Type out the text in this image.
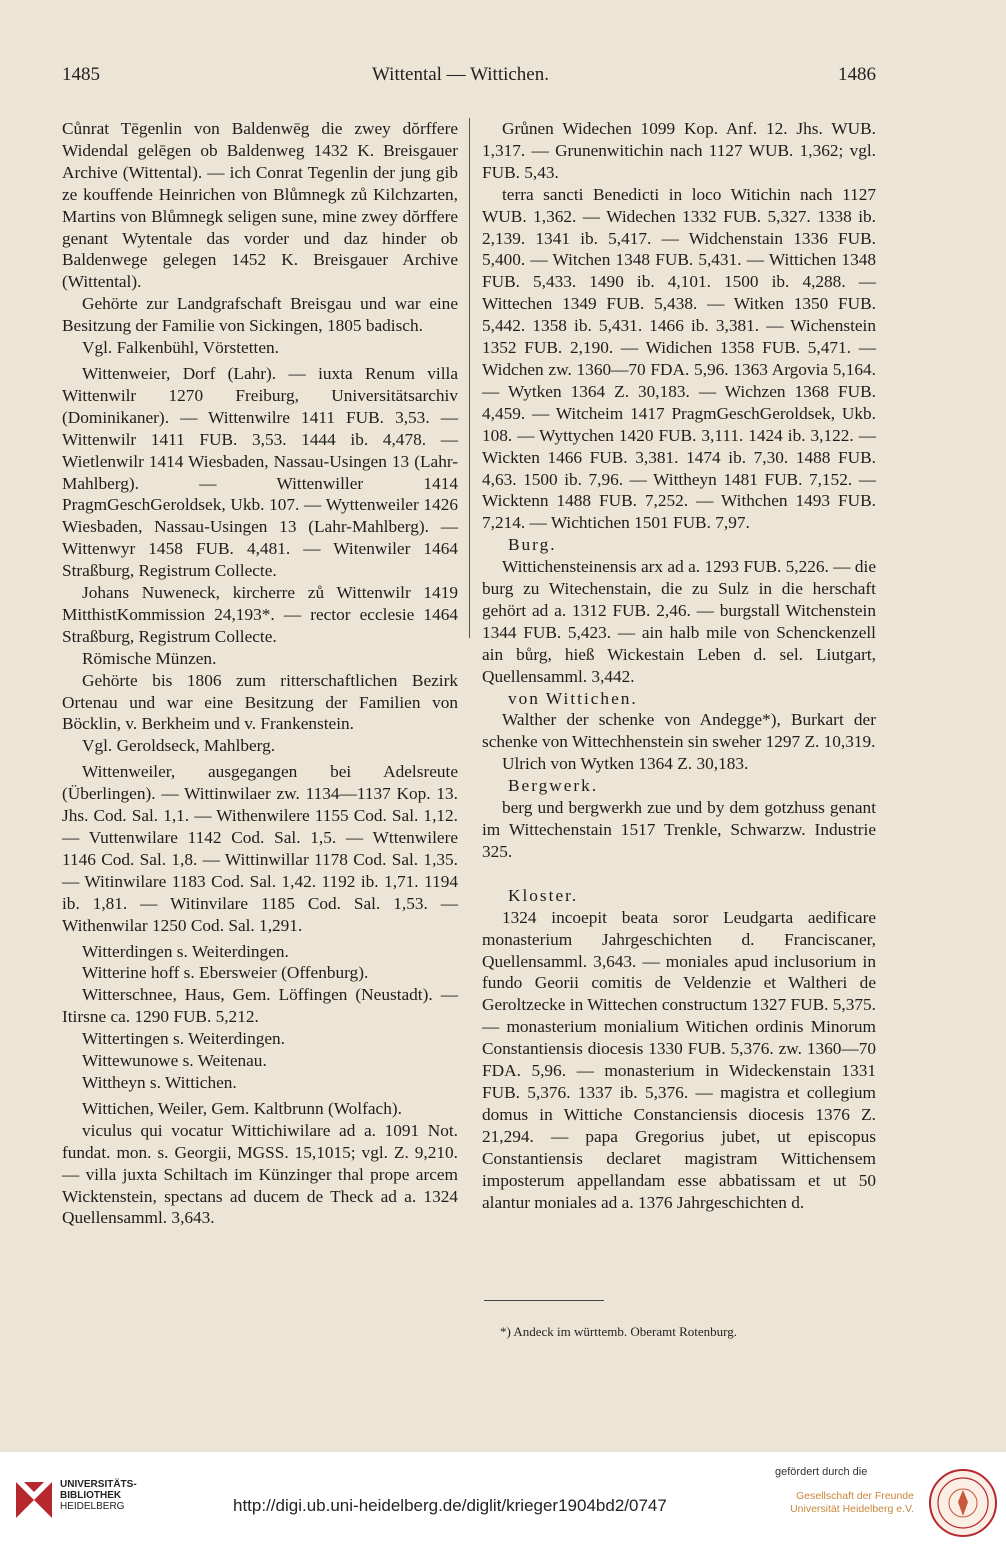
1485	Wittental — Wittichen.	1486

Cůnrat Tēgenlin von Baldenwēg die zwey dŏrffere Widendal gelēgen ob Baldenweg 1432 K. Breisgauer Archive (Wittental). — ich Conrat Tegenlin der jung gib ze kouffende Heinrichen von Blůmnegk zů Kilchzarten, Martins von Blůmnegk seligen sune, mine zwey dŏrffere genant Wytentale das vorder und daz hinder ob Baldenwege gelegen 1452 K. Breisgauer Archive (Wittental).

Gehörte zur Landgrafschaft Breisgau und war eine Besitzung der Familie von Sickingen, 1805 badisch.

Vgl. Falkenbühl, Vörstetten.

Wittenweier, Dorf (Lahr). — iuxta Renum villa Wittenwilr 1270 Freiburg, Universitätsarchiv (Dominikaner). — Wittenwilre 1411 FUB. 3,53. — Wittenwilr 1411 FUB. 3,53. 1444 ib. 4,478. — Wietlenwilr 1414 Wiesbaden, Nassau-Usingen 13 (Lahr-Mahlberg). — Wittenwiller 1414 PragmGeschGeroldsek, Ukb. 107. — Wyttenweiler 1426 Wiesbaden, Nassau-Usingen 13 (Lahr-Mahlberg). — Wittenwyr 1458 FUB. 4,481. — Witenwiler 1464 Straßburg, Registrum Collecte.

Johans Nuweneck, kircherre zů Wittenwilr 1419 MitthistKommission 24,193*. — rector ecclesie 1464 Straßburg, Registrum Collecte.

Römische Münzen.

Gehörte bis 1806 zum ritterschaftlichen Bezirk Ortenau und war eine Besitzung der Familien von Böcklin, v. Berkheim und v. Frankenstein.

Vgl. Geroldseck, Mahlberg.

Wittenweiler, ausgegangen bei Adelsreute (Überlingen). — Wittinwilaer zw. 1134—1137 Kop. 13. Jhs. Cod. Sal. 1,1. — Withenwilere 1155 Cod. Sal. 1,12. — Vuttenwilare 1142 Cod. Sal. 1,5. — Wttenwilere 1146 Cod. Sal. 1,8. — Wittinwillar 1178 Cod. Sal. 1,35. — Witinwilare 1183 Cod. Sal. 1,42. 1192 ib. 1,71. 1194 ib. 1,81. — Witinvilare 1185 Cod. Sal. 1,53. — Withenwilar 1250 Cod. Sal. 1,291.

Witterdingen s. Weiterdingen.

Witterine hoff s. Ebersweier (Offenburg).

Witterschnee, Haus, Gem. Löffingen (Neustadt). — Itirsne ca. 1290 FUB. 5,212.

Wittertingen s. Weiterdingen.

Wittewunowe s. Weitenau.

Wittheyn s. Wittichen.

Wittichen, Weiler, Gem. Kaltbrunn (Wolfach).

viculus qui vocatur Wittichiwilare ad a. 1091 Not. fundat. mon. s. Georgii, MGSS. 15,1015; vgl. Z. 9,210. — villa juxta Schiltach im Künzinger thal prope arcem Wicktenstein, spectans ad ducem de Theck ad a. 1324 Quellensamml. 3,643.

Grůnen Widechen 1099 Kop. Anf. 12. Jhs. WUB. 1,317. — Grunenwitichin nach 1127 WUB. 1,362; vgl. FUB. 5,43.

terra sancti Benedicti in loco Witichin nach 1127 WUB. 1,362. — Widechen 1332 FUB. 5,327. 1338 ib. 2,139. 1341 ib. 5,417. — Widchenstain 1336 FUB. 5,400. — Witchen 1348 FUB. 5,431. — Wittichen 1348 FUB. 5,433. 1490 ib. 4,101. 1500 ib. 4,288. — Wittechen 1349 FUB. 5,438. — Witken 1350 FUB. 5,442. 1358 ib. 5,431. 1466 ib. 3,381. — Wichenstein 1352 FUB. 2,190. — Widichen 1358 FUB. 5,471. — Widchen zw. 1360—70 FDA. 5,96. 1363 Argovia 5,164. — Wytken 1364 Z. 30,183. — Wichzen 1368 FUB. 4,459. — Witcheim 1417 PragmGeschGeroldsek, Ukb. 108. — Wyttychen 1420 FUB. 3,111. 1424 ib. 3,122. — Wickten 1466 FUB. 3,381. 1474 ib. 7,30. 1488 FUB. 4,63. 1500 ib. 7,96. — Wittheyn 1481 FUB. 7,152. — Wicktenn 1488 FUB. 7,252. — Withchen 1493 FUB. 7,214. — Wichtichen 1501 FUB. 7,97.

Burg.

Wittichensteinensis arx ad a. 1293 FUB. 5,226. — die burg zu Witechenstain, die zu Sulz in die herschaft gehört ad a. 1312 FUB. 2,46. — burgstall Witchenstein 1344 FUB. 5,423. — ain halb mile von Schenckenzell ain bůrg, hieß Wickestain Leben d. sel. Liutgart, Quellensamml. 3,442.

von Wittichen.

Walther der schenke von Andegge*), Burkart der schenke von Wittechhenstein sin sweher 1297 Z. 10,319.

Ulrich von Wytken 1364 Z. 30,183.

Bergwerk.

berg und bergwerkh zue und by dem gotzhuss genant im Wittechenstain 1517 Trenkle, Schwarzw. Industrie 325.

Kloster.

1324 incoepit beata soror Leudgarta aedificare monasterium Jahrgeschichten d. Franciscaner, Quellensamml. 3,643. — moniales apud inclusorium in fundo Georii comitis de Veldenzie et Waltheri de Geroltzecke in Wittechen constructum 1327 FUB. 5,375. — monasterium monialium Witichen ordinis Minorum Constantiensis diocesis 1330 FUB. 5,376. zw. 1360—70 FDA. 5,96. — monasterium in Wideckenstain 1331 FUB. 5,376. 1337 ib. 5,376. — magistra et collegium domus in Wittiche Constanciensis diocesis 1376 Z. 21,294. — papa Gregorius jubet, ut episcopus Constantiensis declaret magistram Wittichensem imposterum appellandam esse abbatissam et ut 50 alantur moniales ad a. 1376 Jahrgeschichten d.

*) Andeck im württemb. Oberamt Rotenburg.
UNIVERSITÄTS-
BIBLIOTHEK
HEIDELBERG	http://digi.ub.uni-heidelberg.de/diglit/krieger1904bd2/0747
gefördert durch die
Gesellschaft der Freunde
Universität Heidelberg e.V.
